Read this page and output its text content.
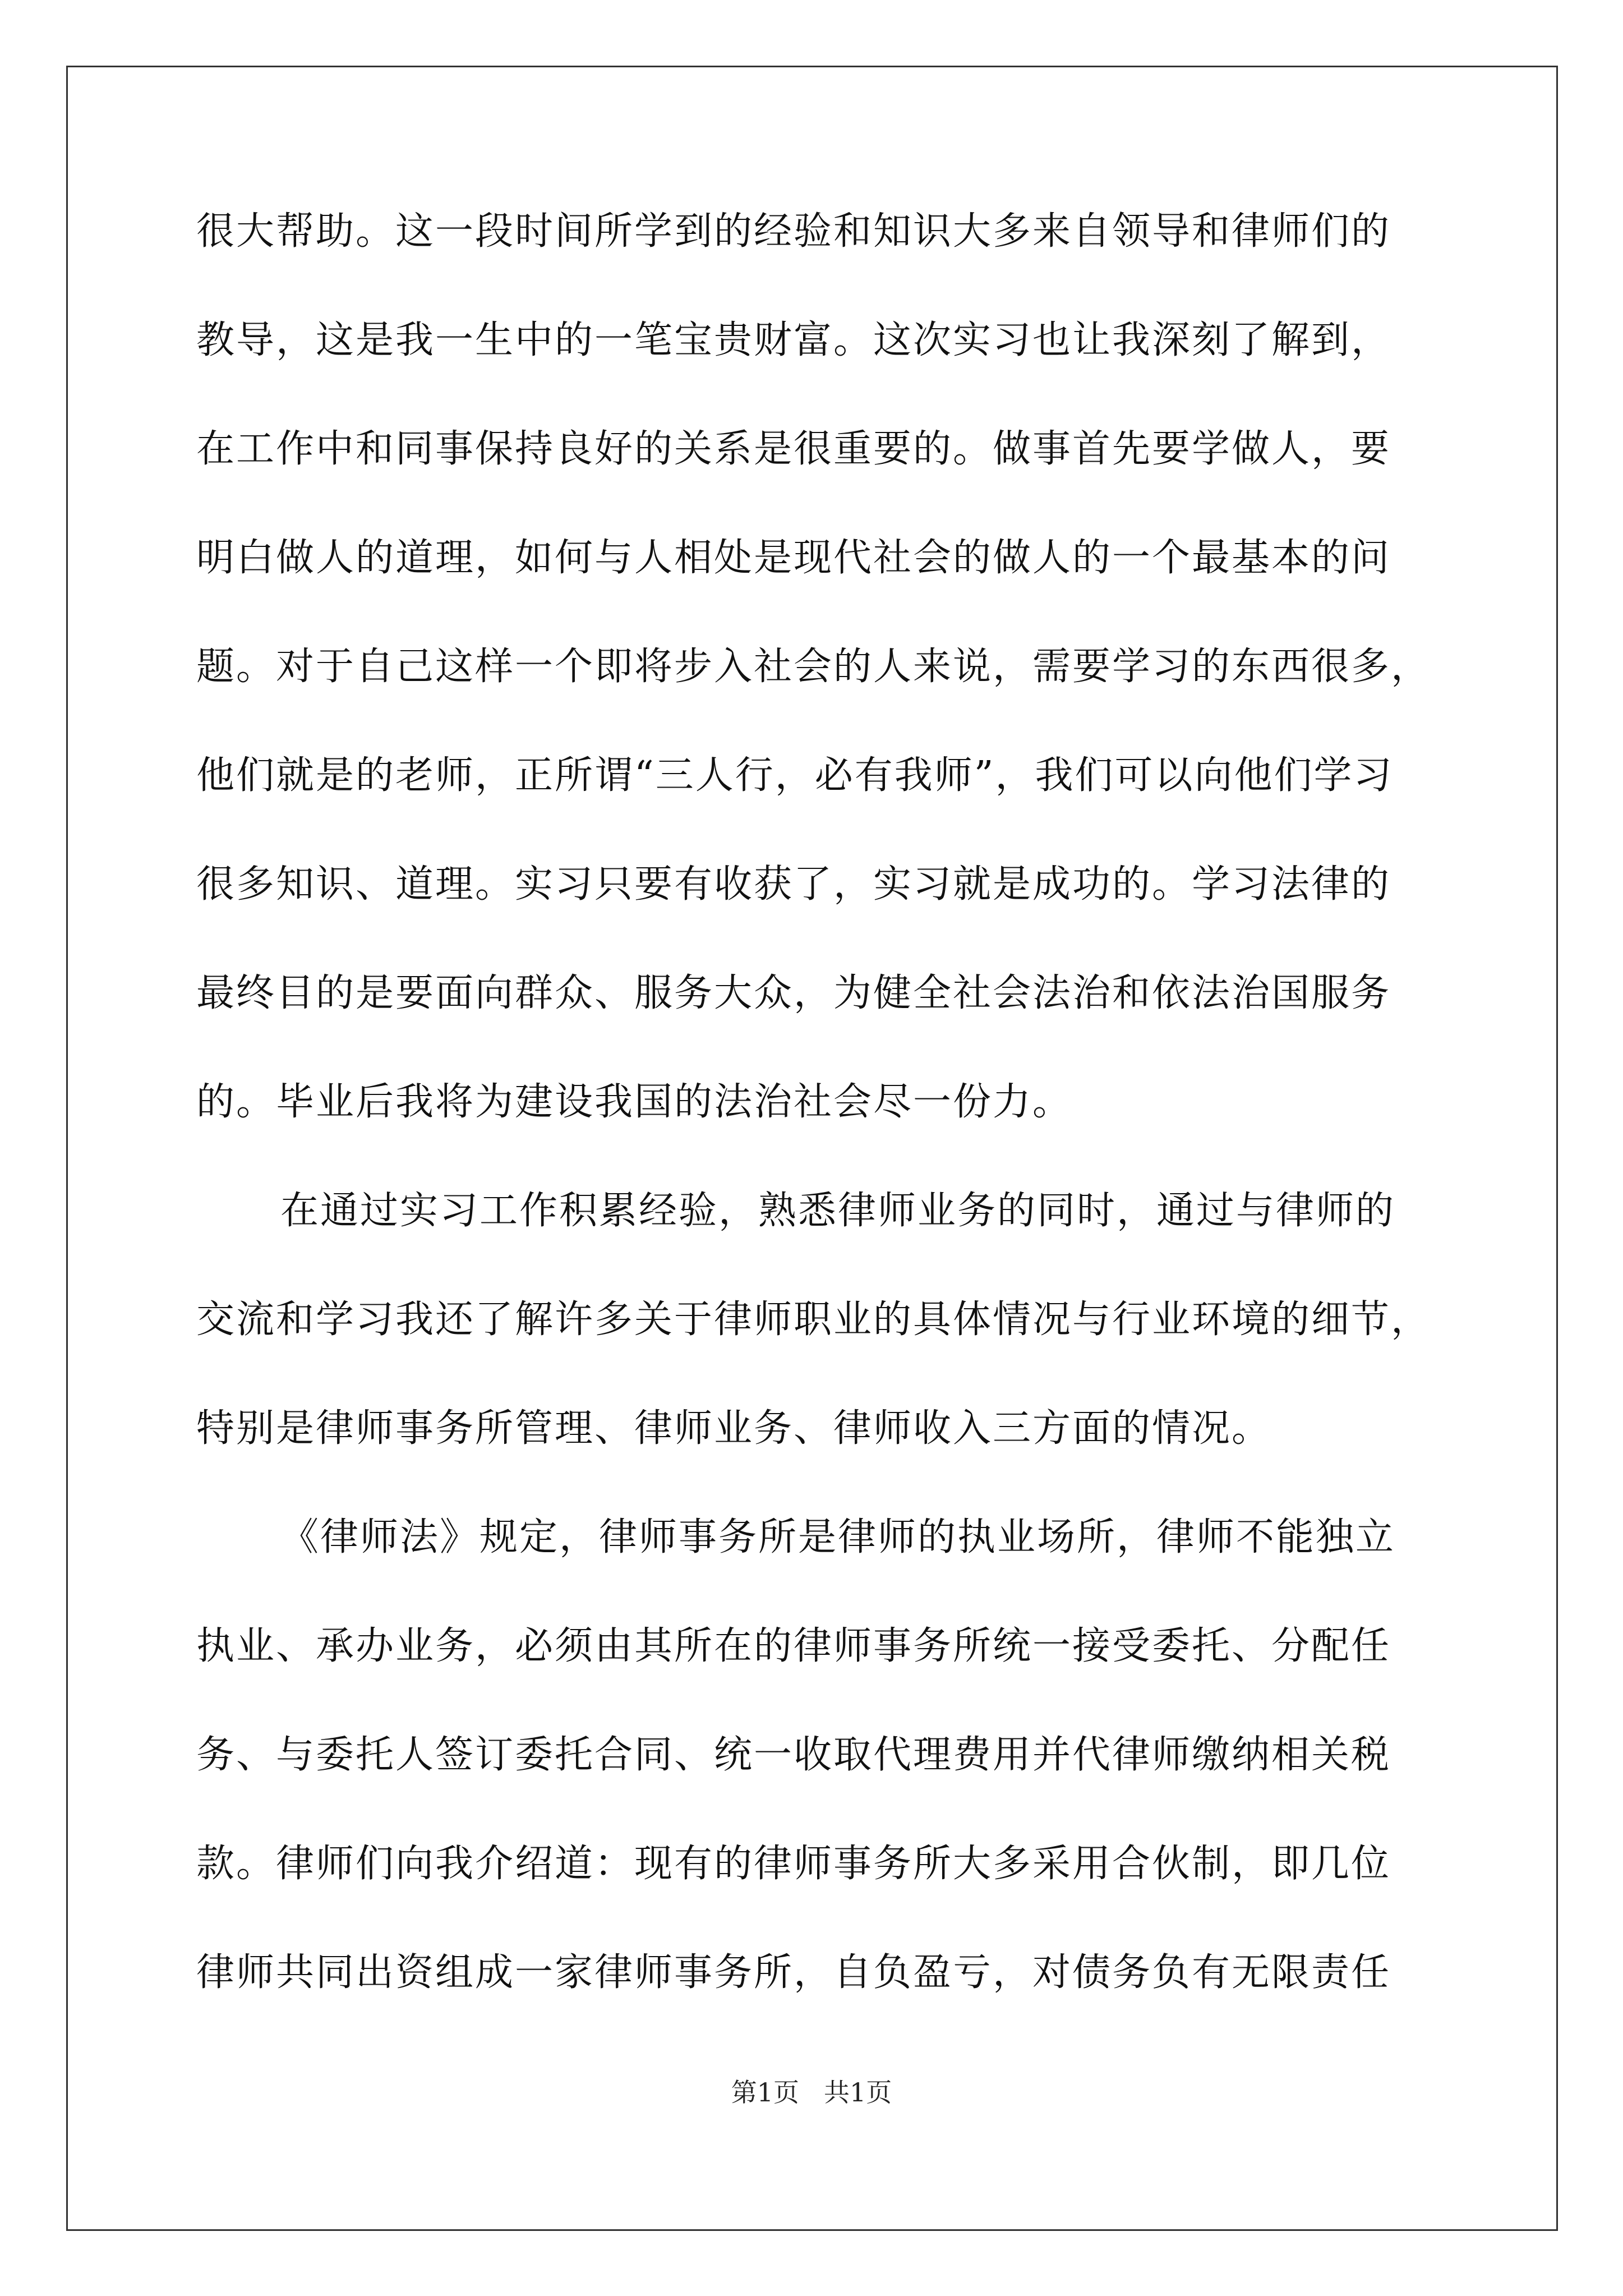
很大帮助。这一段时间所学到的经验和知识大多来自领导和律师们的
教导，这是我一生中的一笔宝贵财富。这次实习也让我深刻了解到，
在工作中和同事保持良好的关系是很重要的。做事首先要学做人，要
明白做人的道理，如何与人相处是现代社会的做人的一个最基本的问
题。对于自己这样一个即将步入社会的人来说，需要学习的东西很多，
他们就是的老师，正所谓“三人行，必有我师”，我们可以向他们学习
很多知识、道理。实习只要有收获了，实习就是成功的。学习法律的
最终目的是要面向群众、服务大众，为健全社会法治和依法治国服务
的。毕业后我将为建设我国的法治社会尽一份力。
在通过实习工作积累经验，熟悉律师业务的同时，通过与律师的
交流和学习我还了解许多关于律师职业的具体情况与行业环境的细节，
特别是律师事务所管理、律师业务、律师收入三方面的情况。
《律师法》规定，律师事务所是律师的执业场所，律师不能独立
执业、承办业务，必须由其所在的律师事务所统一接受委托、分配任
务、与委托人签订委托合同、统一收取代理费用并代律师缴纳相关税
款。律师们向我介绍道：现有的律师事务所大多采用合伙制，即几位
律师共同出资组成一家律师事务所，自负盈亏，对债务负有无限责任
第1页 共1页
